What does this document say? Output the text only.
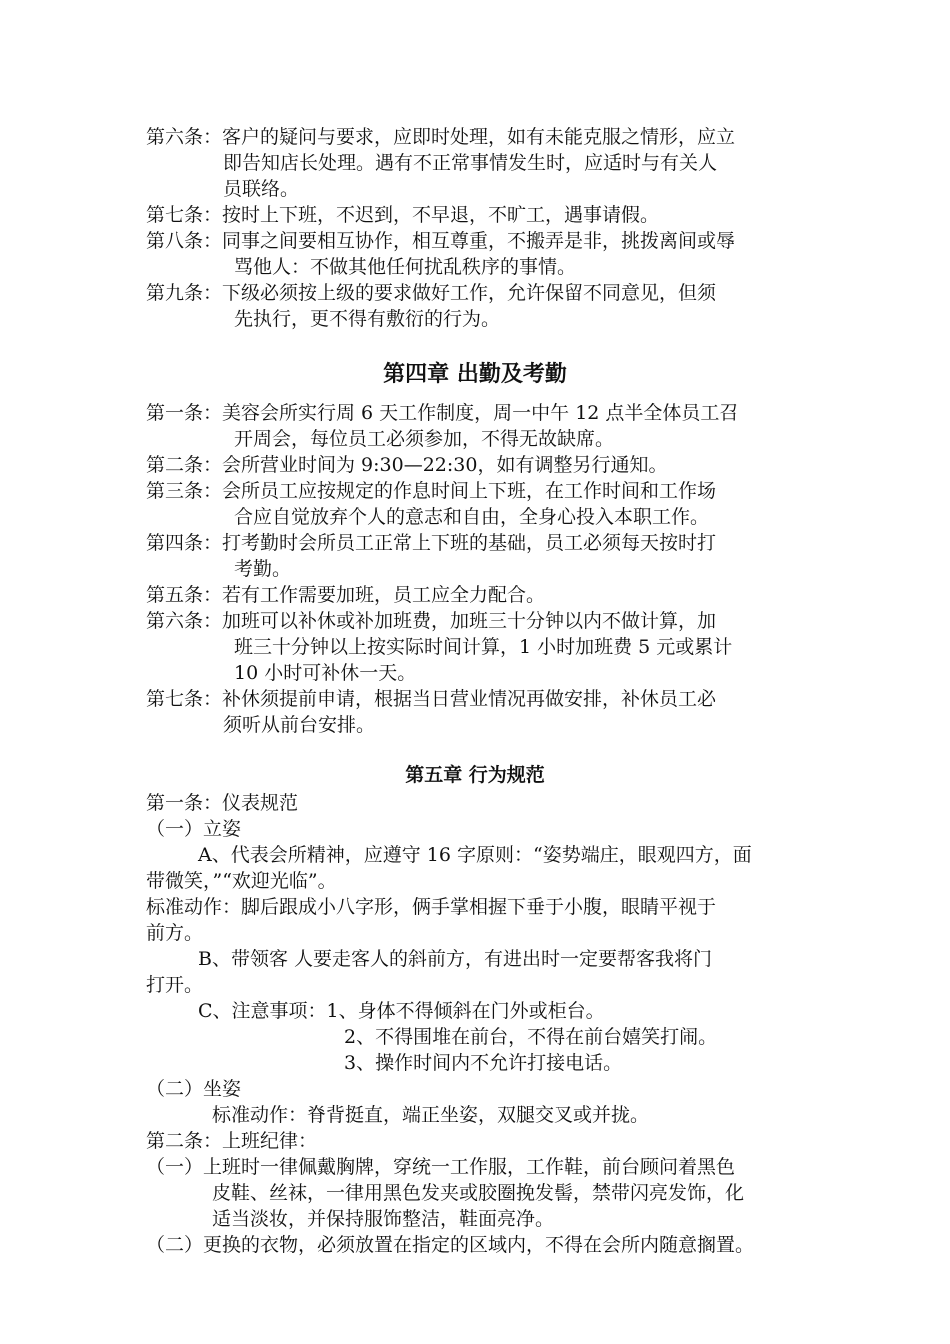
第六条：客户的疑问与要求，应即时处理，如有未能克服之情形，应立
即告知店长处理。遇有不正常事情发生时，应适时与有关人
员联络。
第七条：按时上下班，不迟到，不早退，不旷工，遇事请假。
第八条：同事之间要相互协作，相互尊重，不搬弄是非，挑拨离间或辱
骂他人：不做其他任何扰乱秩序的事情。
第九条：下级必须按上级的要求做好工作，允许保留不同意见，但须
先执行，更不得有敷衍的行为。
第四章 出勤及考勤
第一条：美容会所实行周 6 天工作制度，周一中午 12 点半全体员工召
开周会，每位员工必须参加，不得无故缺席。
第二条：会所营业时间为 9:30—22:30，如有调整另行通知。
第三条：会所员工应按规定的作息时间上下班，在工作时间和工作场
合应自觉放弃个人的意志和自由，全身心投入本职工作。
第四条：打考勤时会所员工正常上下班的基础，员工必须每天按时打
考勤。
第五条：若有工作需要加班，员工应全力配合。
第六条：加班可以补休或补加班费，加班三十分钟以内不做计算，加
班三十分钟以上按实际时间计算，1 小时加班费 5 元或累计
10 小时可补休一天。
第七条：补休须提前申请，根据当日营业情况再做安排，补休员工必
须听从前台安排。
第五章 行为规范
第一条：仪表规范
（一）立姿
A、代表会所精神，应遵守 16 字原则：“姿势端庄，眼观四方，面
带微笑，”“欢迎光临”。
标准动作：脚后跟成小八字形，俩手掌相握下垂于小腹，眼睛平视于
前方。
B、带领客 人要走客人的斜前方，有进出时一定要帮客我将门
打开。
C、注意事项：1、身体不得倾斜在门外或柜台。
2、不得围堆在前台，不得在前台嬉笑打闹。
3、操作时间内不允许打接电话。
（二）坐姿
标准动作：脊背挺直，端正坐姿，双腿交叉或并拢。
第二条：上班纪律：
（一）上班时一律佩戴胸牌，穿统一工作服，工作鞋，前台顾问着黑色
皮鞋、丝袜，一律用黑色发夹或胶圈挽发髻，禁带闪亮发饰，化
适当淡妆，并保持服饰整洁，鞋面亮净。
（二）更换的衣物，必须放置在指定的区域内，不得在会所内随意搁置。
